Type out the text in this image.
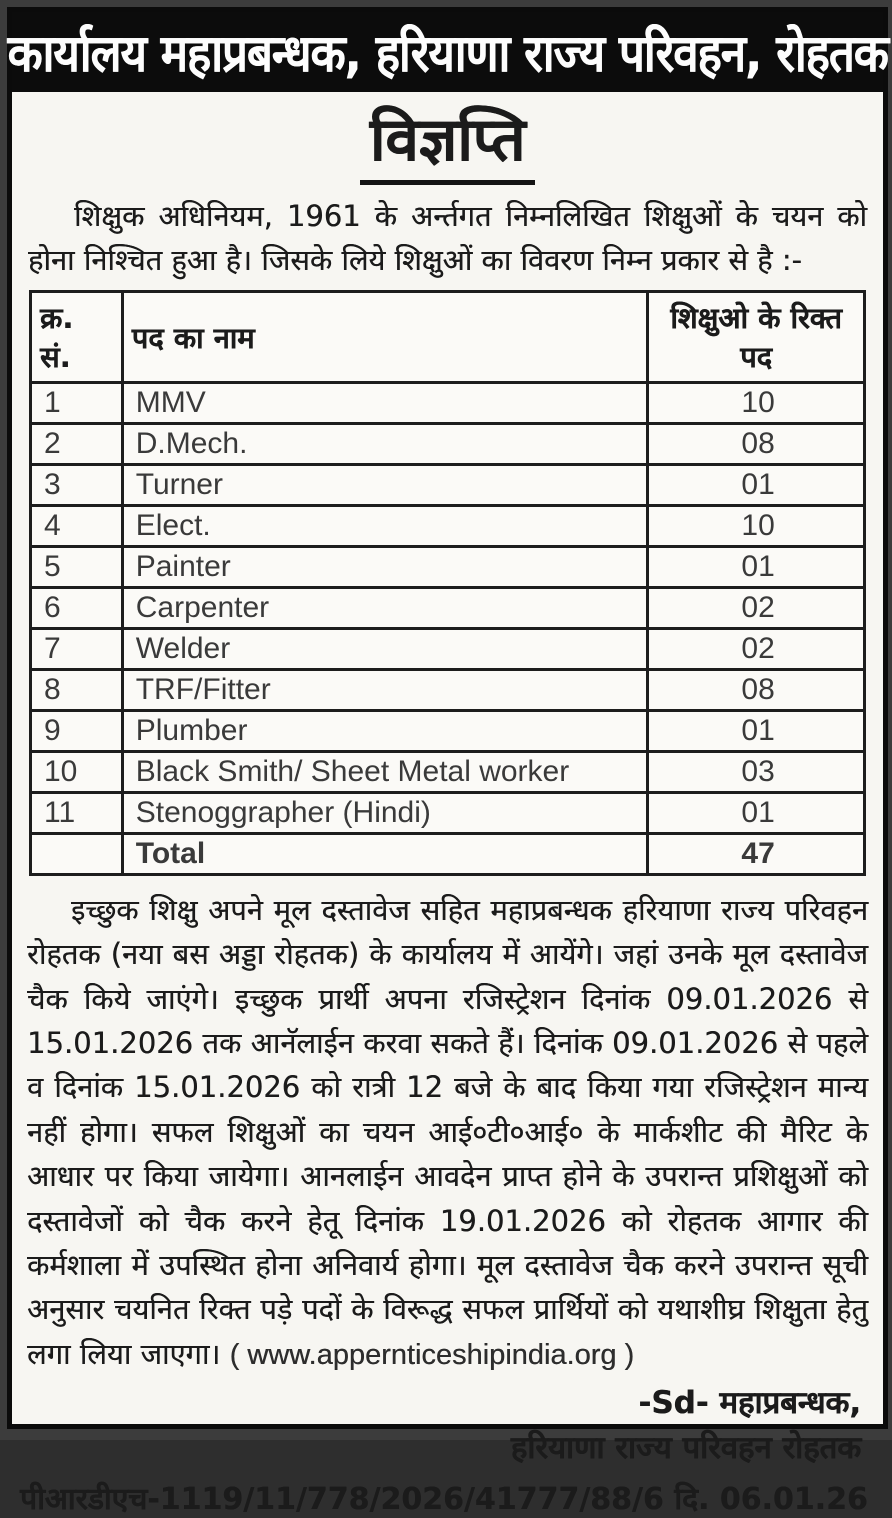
कार्यालय महाप्रबन्धक, हरियाणा राज्य परिवहन, रोहतक
विज्ञप्ति

शिक्षुक अधिनियम, 1961 के अर्न्तगत निम्नलिखित शिक्षुओं के चयन को होना निश्चित हुआ है। जिसके लिये शिक्षुओं का विवरण निम्न प्रकार से है :-

क्र. सं.	पद का नाम	शिक्षुओ के रिक्त पद
1	MMV	10
2	D.Mech.	08
3	Turner	01
4	Elect.	10
5	Painter	01
6	Carpenter	02
7	Welder	02
8	TRF/Fitter	08
9	Plumber	01
10	Black Smith/ Sheet Metal worker	03
11	Stenoggrapher (Hindi)	01
	Total	47

इच्छुक शिक्षु अपने मूल दस्तावेज सहित महाप्रबन्धक हरियाणा राज्य परिवहन रोहतक (नया बस अड्डा रोहतक) के कार्यालय में आयेंगे। जहां उनके मूल दस्तावेज चैक किये जाएंगे। इच्छुक प्रार्थी अपना रजिस्ट्रेशन दिनांक 09.01.2026 से 15.01.2026 तक आनॅलाईन करवा सकते हैं। दिनांक 09.01.2026 से पहले व दिनांक 15.01.2026 को रात्री 12 बजे के बाद किया गया रजिस्ट्रेशन मान्य नहीं होगा। सफल शिक्षुओं का चयन आई०टी०आई० के मार्कशीट की मैरिट के आधार पर किया जायेगा। आनलाईन आवदेन प्राप्त होने के उपरान्त प्रशिक्षुओं को दस्तावेजों को चैक करने हेतू दिनांक 19.01.2026 को रोहतक आगार की कर्मशाला में उपस्थित होना अनिवार्य होगा। मूल दस्तावेज चैक करने उपरान्त सूची अनुसार चयनित रिक्त पड़े पदों के विरूद्ध सफल प्रार्थियों को यथाशीघ्र शिक्षुता हेतु लगा लिया जाएगा। ( www.appernticeshipindia.org )

-Sd- महाप्रबन्धक,
हरियाणा राज्य परिवहन रोहतक
पीआरडीएच-1119/11/778/2026/41777/88/6 दि. 06.01.26
